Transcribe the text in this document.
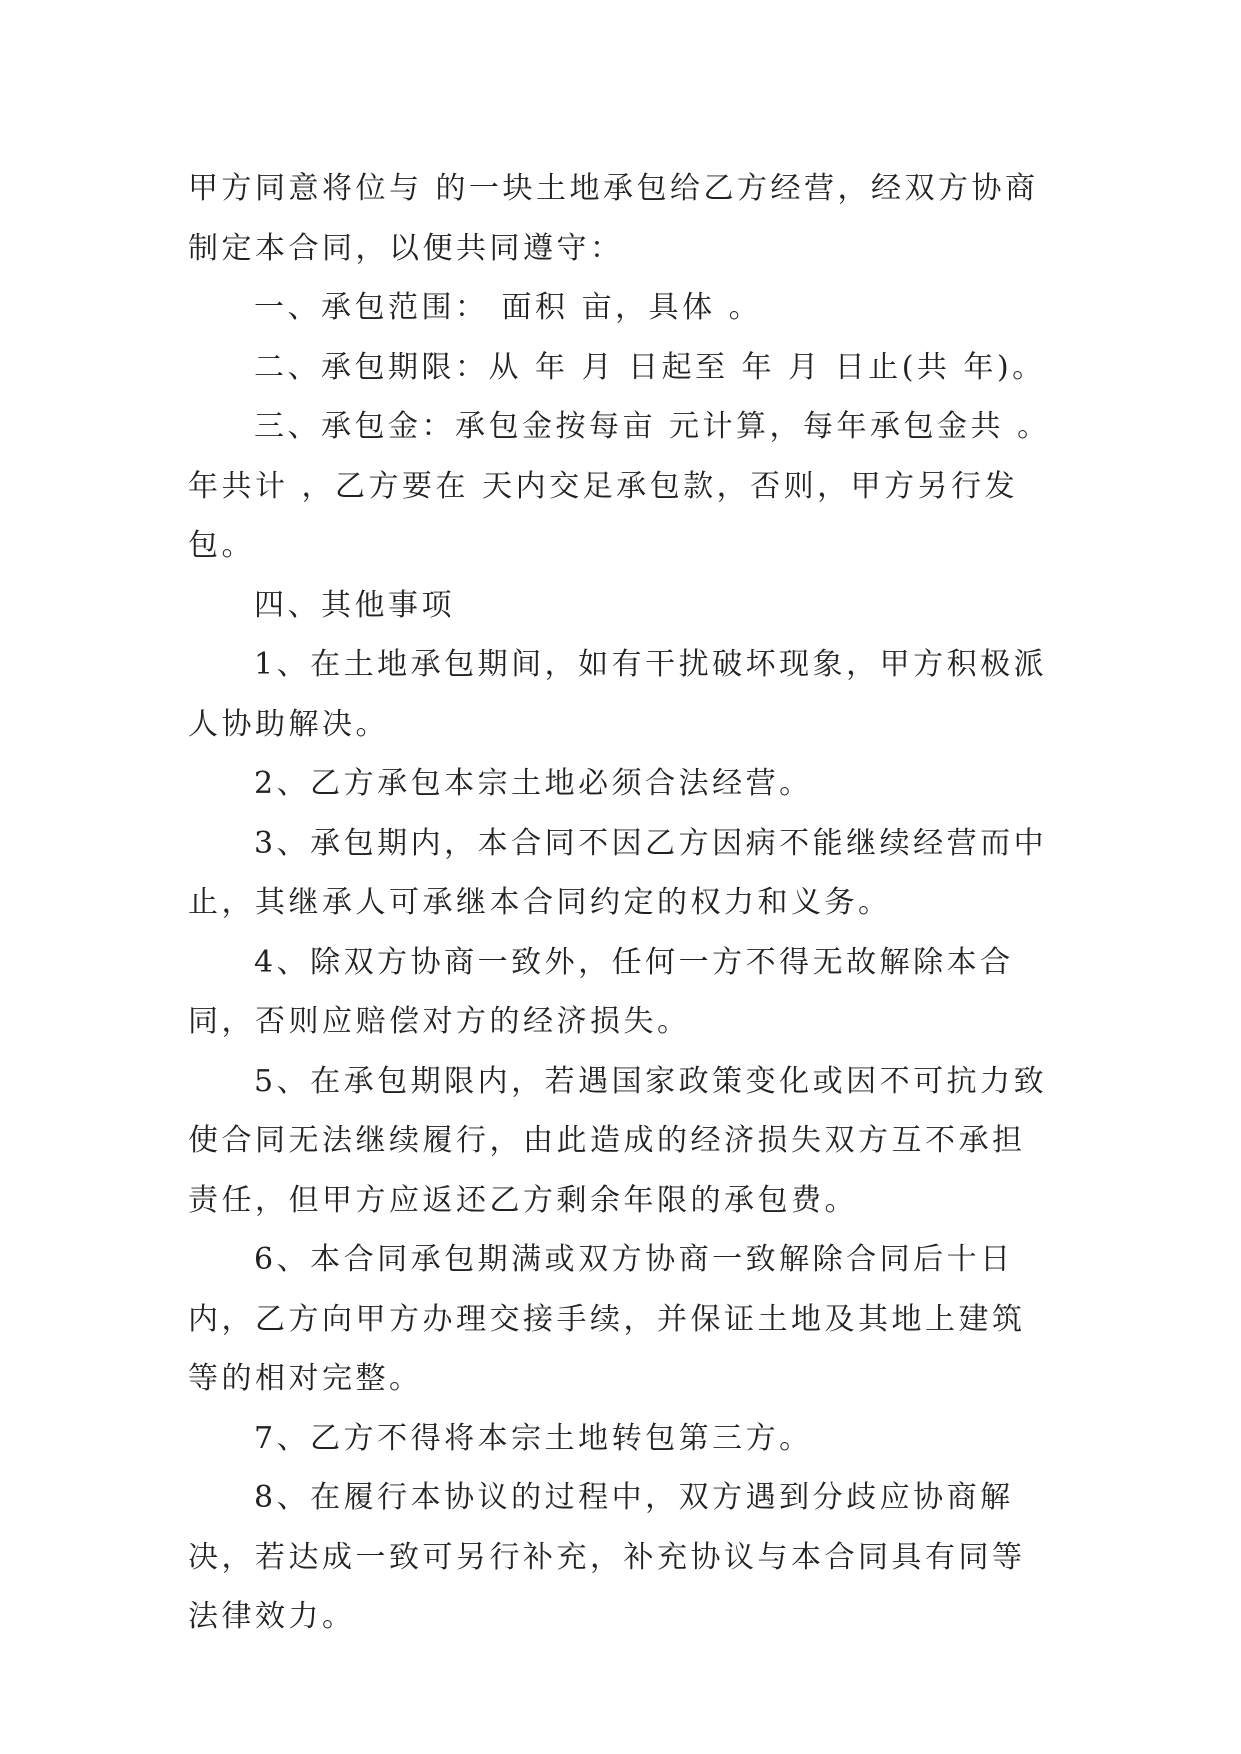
甲方同意将位与 的一块土地承包给乙方经营，经双方协商制定本合同，以便共同遵守：

一、承包范围： 面积 亩，具体 。

二、承包期限：从 年 月 日起至 年 月 日止(共 年)。

三、承包金：承包金按每亩 元计算，每年承包金共 。年共计 ，乙方要在 天内交足承包款，否则，甲方另行发包。

四、其他事项

1、在土地承包期间，如有干扰破坏现象，甲方积极派人协助解决。

2、乙方承包本宗土地必须合法经营。

3、承包期内，本合同不因乙方因病不能继续经营而中止，其继承人可承继本合同约定的权力和义务。

4、除双方协商一致外，任何一方不得无故解除本合同，否则应赔偿对方的经济损失。

5、在承包期限内，若遇国家政策变化或因不可抗力致使合同无法继续履行，由此造成的经济损失双方互不承担责任，但甲方应返还乙方剩余年限的承包费。

6、本合同承包期满或双方协商一致解除合同后十日内，乙方向甲方办理交接手续，并保证土地及其地上建筑等的相对完整。

7、乙方不得将本宗土地转包第三方。

8、在履行本协议的过程中，双方遇到分歧应协商解决，若达成一致可另行补充，补充协议与本合同具有同等法律效力。
